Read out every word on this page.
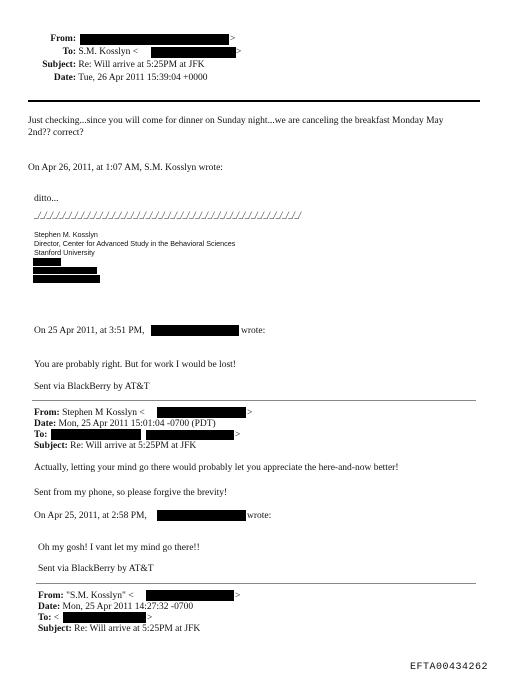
From:	>
To: S.M. Kosslyn <	>
Subject: Re: Will arrive at 5:25PM at JFK
Date: Tue, 26 Apr 2011 15:39:04 +0000
Just checking...since you will come for dinner on Sunday night...we are canceling the breakfast Monday May
2nd?? correct?
On Apr 26, 2011, at 1:07 AM, S.M. Kosslyn wrote:
ditto...
_/_/_/_/_/_/_/_/_/_/_/_/_/_/_/_/_/_/_/_/_/_/_/_/_/_/_/_/_/_/_/_/_/_/_/_/_/_/_/_/_/_/_/
Stephen M. Kosslyn
Director, Center for Advanced Study in the Behavioral Sciences
Stanford University
On 25 Apr 2011, at 3:51 PM,	wrote:
You are probably right. But for work I would be lost!
Sent via BlackBerry by AT&T
From: Stephen M Kosslyn <	>
Date: Mon, 25 Apr 2011 15:01:04 -0700 (PDT)
To:	>
Subject: Re: Will arrive at 5:25PM at JFK
Actually, letting your mind go there would probably let you appreciate the here-and-now better!
Sent from my phone, so please forgive the brevity!
On Apr 25, 2011, at 2:58 PM,	wrote:
Oh my gosh! I vant let my mind go there!!
Sent via BlackBerry by AT&T
From: "S.M. Kosslyn" <	>
Date: Mon, 25 Apr 2011 14:27:32 -0700
To: <	>
Subject: Re: Will arrive at 5:25PM at JFK
EFTA00434262
